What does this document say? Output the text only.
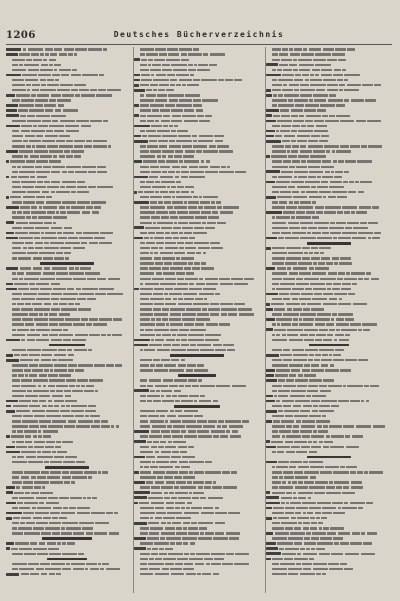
1206	Deutsches Bücherverzeichnis
